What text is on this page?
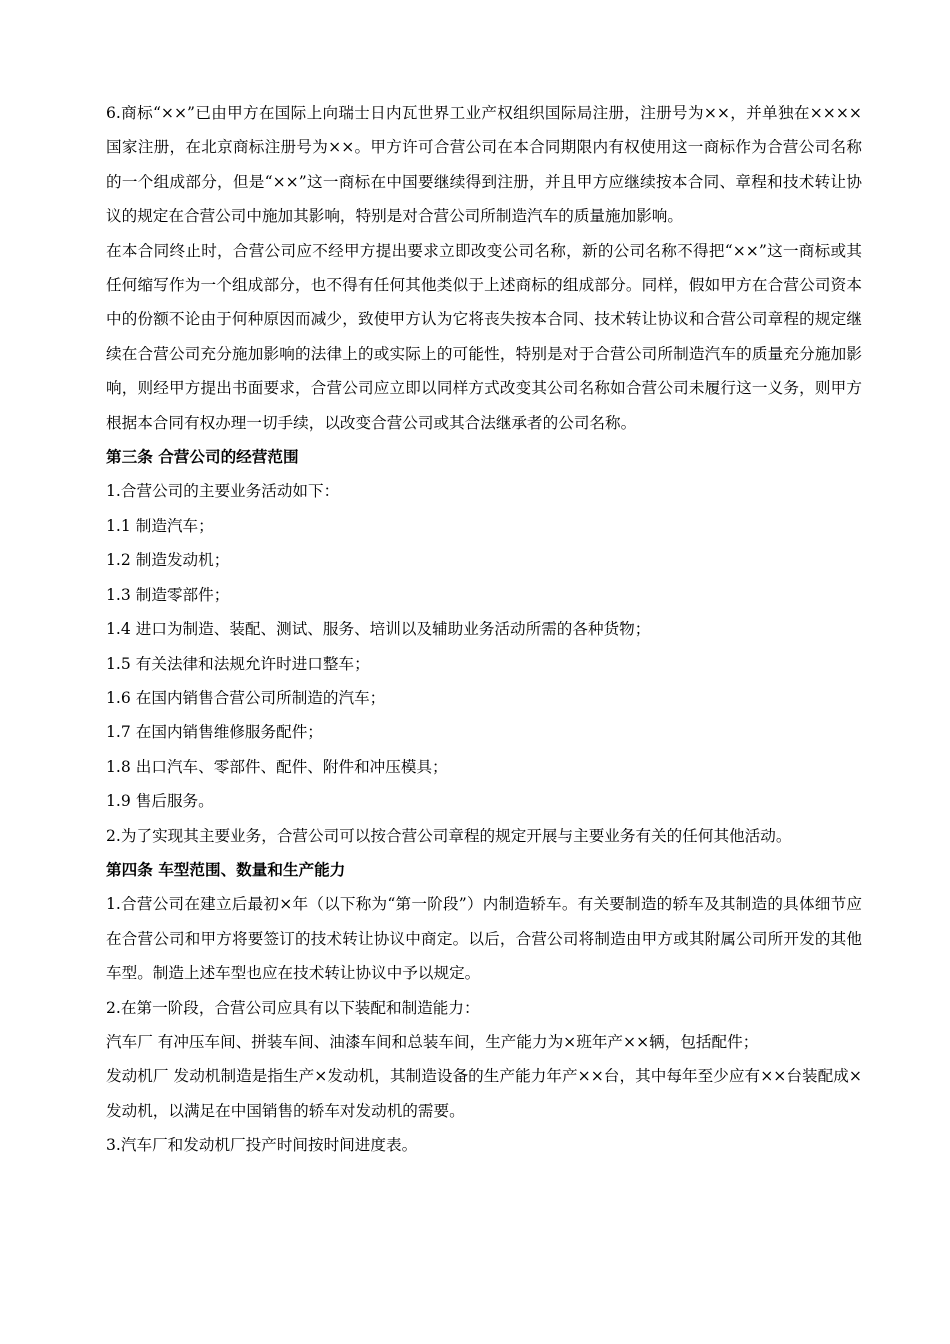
6.商标“××”已由甲方在国际上向瑞士日内瓦世界工业产权组织国际局注册，注册号为××，并单独在××××国家注册，在北京商标注册号为××。甲方许可合营公司在本合同期限内有权使用这一商标作为合营公司名称的一个组成部分，但是“××”这一商标在中国要继续得到注册，并且甲方应继续按本合同、章程和技术转让协议的规定在合营公司中施加其影响，特别是对合营公司所制造汽车的质量施加影响。

在本合同终止时，合营公司应不经甲方提出要求立即改变公司名称，新的公司名称不得把“××”这一商标或其任何缩写作为一个组成部分，也不得有任何其他类似于上述商标的组成部分。同样，假如甲方在合营公司资本中的份额不论由于何种原因而减少，致使甲方认为它将丧失按本合同、技术转让协议和合营公司章程的规定继续在合营公司充分施加影响的法律上的或实际上的可能性，特别是对于合营公司所制造汽车的质量充分施加影响，则经甲方提出书面要求，合营公司应立即以同样方式改变其公司名称如合营公司未履行这一义务，则甲方根据本合同有权办理一切手续，以改变合营公司或其合法继承者的公司名称。

第三条 合营公司的经营范围

1.合营公司的主要业务活动如下：

1.1 制造汽车；

1.2 制造发动机；

1.3 制造零部件；

1.4 进口为制造、装配、测试、服务、培训以及辅助业务活动所需的各种货物；

1.5 有关法律和法规允许时进口整车；

1.6 在国内销售合营公司所制造的汽车；

1.7 在国内销售维修服务配件；

1.8 出口汽车、零部件、配件、附件和冲压模具；

1.9 售后服务。

2.为了实现其主要业务，合营公司可以按合营公司章程的规定开展与主要业务有关的任何其他活动。

第四条 车型范围、数量和生产能力

1.合营公司在建立后最初×年（以下称为“第一阶段”）内制造轿车。有关要制造的轿车及其制造的具体细节应在合营公司和甲方将要签订的技术转让协议中商定。以后，合营公司将制造由甲方或其附属公司所开发的其他车型。制造上述车型也应在技术转让协议中予以规定。

2.在第一阶段，合营公司应具有以下装配和制造能力：

汽车厂 有冲压车间、拼装车间、油漆车间和总装车间，生产能力为×班年产××辆，包括配件；

发动机厂 发动机制造是指生产×发动机，其制造设备的生产能力年产××台，其中每年至少应有××台装配成×发动机，以满足在中国销售的轿车对发动机的需要。

3.汽车厂和发动机厂投产时间按时间进度表。
